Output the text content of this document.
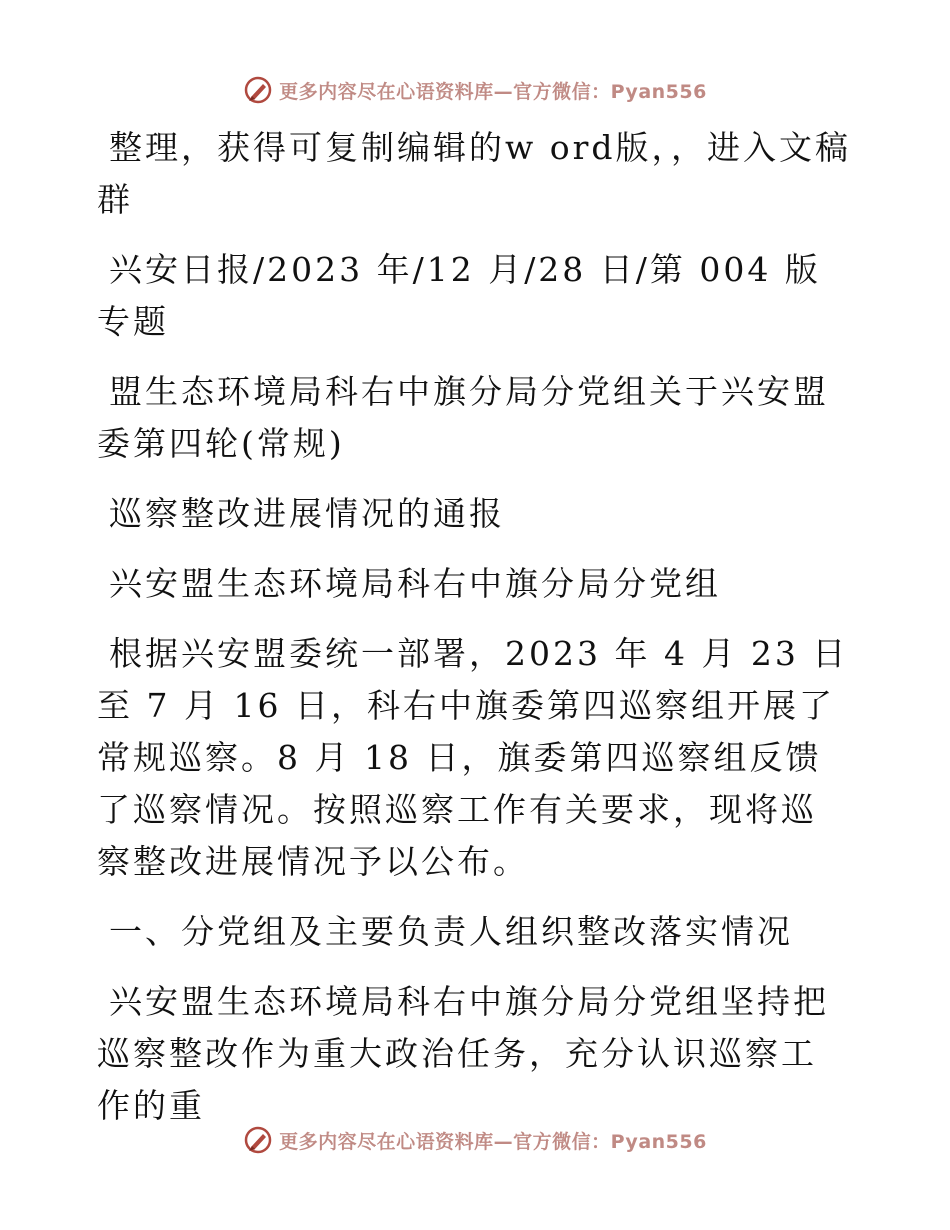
更多内容尽在心语资料库—官方微信：Pyan556

整理，获得可复制编辑的w ord版，，进入文稿群

兴安日报/2023 年/12 月/28 日/第 004 版专题

盟生态环境局科右中旗分局分党组关于兴安盟委第四轮(常规)

巡察整改进展情况的通报

兴安盟生态环境局科右中旗分局分党组

根据兴安盟委统一部署，2023 年 4 月 23 日至 7 月 16 日，科右中旗委第四巡察组开展了常规巡察。8 月 18 日，旗委第四巡察组反馈了巡察情况。按照巡察工作有关要求，现将巡察整改进展情况予以公布。

一、分党组及主要负责人组织整改落实情况

兴安盟生态环境局科右中旗分局分党组坚持把巡察整改作为重大政治任务，充分认识巡察工作的重

更多内容尽在心语资料库—官方微信：Pyan556
